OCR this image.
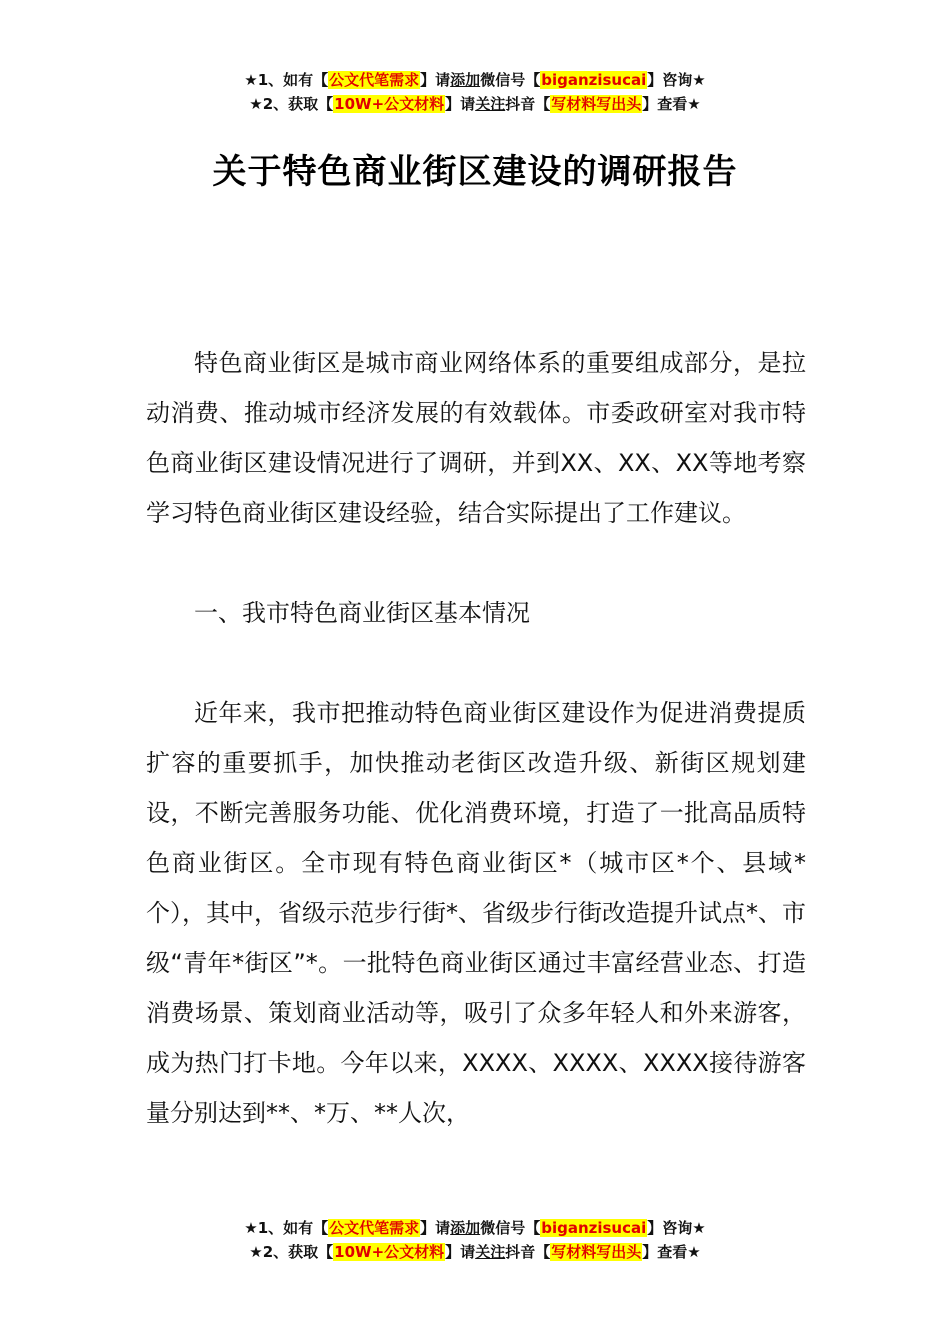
★1、如有【公文代笔需求】请添加微信号【biganzisucai】咨询★
★2、获取【10W+公文材料】请关注抖音【写材料写出头】查看★
关于特色商业街区建设的调研报告

特色商业街区是城市商业网络体系的重要组成部分，是拉动消费、推动城市经济发展的有效载体。市委政研室对我市特色商业街区建设情况进行了调研，并到XX、XX、XX等地考察学习特色商业街区建设经验，结合实际提出了工作建议。

一、我市特色商业街区基本情况

近年来，我市把推动特色商业街区建设作为促进消费提质扩容的重要抓手，加快推动老街区改造升级、新街区规划建设，不断完善服务功能、优化消费环境，打造了一批高品质特色商业街区。全市现有特色商业街区*（城市区*个、县域*个），其中，省级示范步行街*、省级步行街改造提升试点*、市级“青年*街区”*。一批特色商业街区通过丰富经营业态、打造消费场景、策划商业活动等，吸引了众多年轻人和外来游客，成为热门打卡地。今年以来，XXXX、XXXX、XXXX接待游客量分别达到**、*万、**人次，

★1、如有【公文代笔需求】请添加微信号【biganzisucai】咨询★
★2、获取【10W+公文材料】请关注抖音【写材料写出头】查看★
